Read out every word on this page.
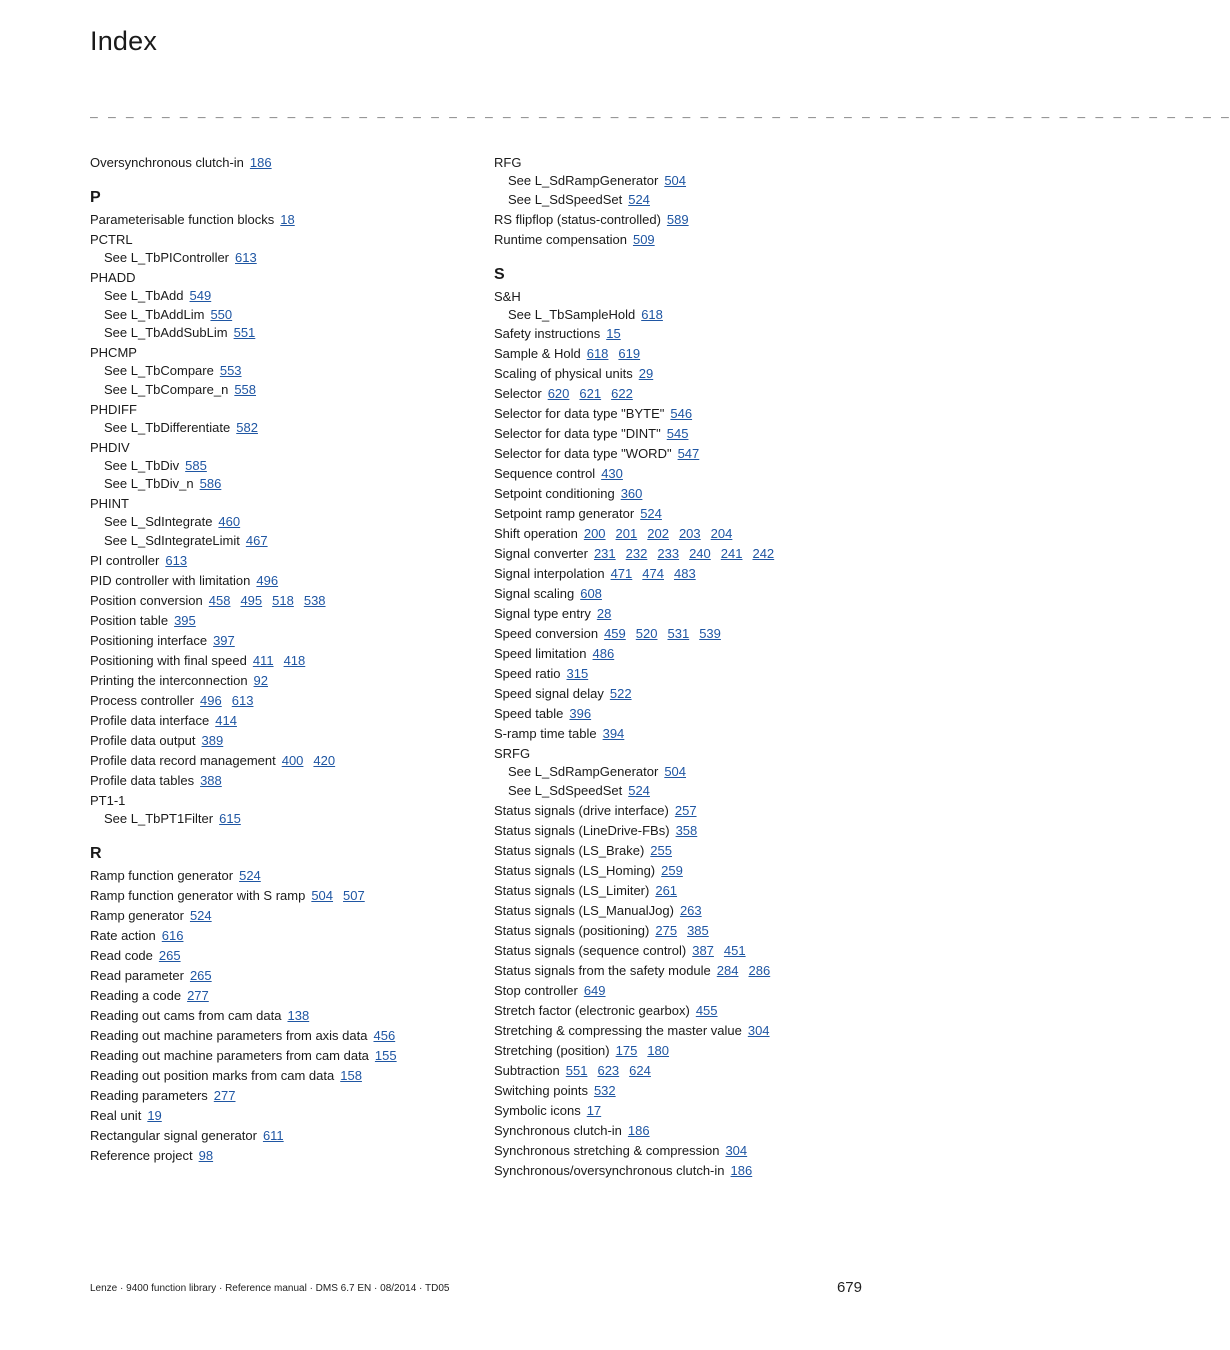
Index
_ _ _ _ _ _ _ _ _ _ _ _ _ _ _ _ _ _ _ _ _ _ _ _ _ _ _ _ _ _ _ _ _ _ _ _ _ _ _ _ _ _ _ _ _ _ _ _ _ _ _ _ _ _ _ _ _ _ _ _ _ _ _ _
Oversynchronous clutch-in 186
P
Parameterisable function blocks 18
PCTRL
See L_TbPIController 613
PHADD
See L_TbAdd 549
See L_TbAddLim 550
See L_TbAddSubLim 551
PHCMP
See L_TbCompare 553
See L_TbCompare_n 558
PHDIFF
See L_TbDifferentiate 582
PHDIV
See L_TbDiv 585
See L_TbDiv_n 586
PHINT
See L_SdIntegrate 460
See L_SdIntegrateLimit 467
PI controller 613
PID controller with limitation 496
Position conversion 458 495 518 538
Position table 395
Positioning interface 397
Positioning with final speed 411 418
Printing the interconnection 92
Process controller 496 613
Profile data interface 414
Profile data output 389
Profile data record management 400 420
Profile data tables 388
PT1-1
See L_TbPT1Filter 615
R
Ramp function generator 524
Ramp function generator with S ramp 504 507
Ramp generator 524
Rate action 616
Read code 265
Read parameter 265
Reading a code 277
Reading out cams from cam data 138
Reading out machine parameters from axis data 456
Reading out machine parameters from cam data 155
Reading out position marks from cam data 158
Reading parameters 277
Real unit 19
Rectangular signal generator 611
Reference project 98
RFG
See L_SdRampGenerator 504
See L_SdSpeedSet 524
RS flipflop (status-controlled) 589
Runtime compensation 509
S
S&H
See L_TbSampleHold 618
Safety instructions 15
Sample & Hold 618 619
Scaling of physical units 29
Selector 620 621 622
Selector for data type "BYTE" 546
Selector for data type "DINT" 545
Selector for data type "WORD" 547
Sequence control 430
Setpoint conditioning 360
Setpoint ramp generator 524
Shift operation 200 201 202 203 204
Signal converter 231 232 233 240 241 242
Signal interpolation 471 474 483
Signal scaling 608
Signal type entry 28
Speed conversion 459 520 531 539
Speed limitation 486
Speed ratio 315
Speed signal delay 522
Speed table 396
S-ramp time table 394
SRFG
See L_SdRampGenerator 504
See L_SdSpeedSet 524
Status signals (drive interface) 257
Status signals (LineDrive-FBs) 358
Status signals (LS_Brake) 255
Status signals (LS_Homing) 259
Status signals (LS_Limiter) 261
Status signals (LS_ManualJog) 263
Status signals (positioning) 275 385
Status signals (sequence control) 387 451
Status signals from the safety module 284 286
Stop controller 649
Stretch factor (electronic gearbox) 455
Stretching & compressing the master value 304
Stretching (position) 175 180
Subtraction 551 623 624
Switching points 532
Symbolic icons 17
Synchronous clutch-in 186
Synchronous stretching & compression 304
Synchronous/oversynchronous clutch-in 186
Lenze · 9400 function library · Reference manual · DMS 6.7 EN · 08/2014 · TD05	679
